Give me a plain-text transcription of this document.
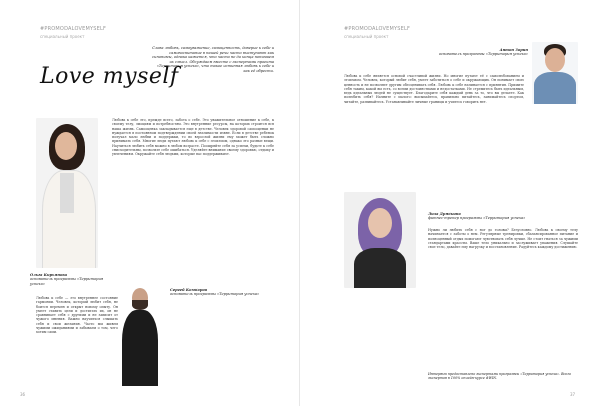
#PROMODALOVEMYSELF
специальный проект
Love myself
Слова любовь, самоуважение, самоценность, доверие к себе и самовоспитание в нашей речи часто выступают как синонимы, однако кажется, что часто не до конца понимаем их смысл. Обсуждаем вместе с экспертами проекта «Территория успеха», что такое истинная любовь к себе и как её обрести.

Любовь к себе это, прежде всего, забота о себе. Это уважительное отношение к себе, к своему телу, эмоциям и потребностям. Это внутренние ресурсы, на которых строится вся наша жизнь. Самооценка закладывается еще в детстве. Человек здоровой самооценки не нуждается в постоянном подтверждении своей значимости извне. Если в детстве ребенок получал мало любви и поддержки, то во взрослой жизни ему может быть сложно принимать себя. Многие люди путают любовь к себе с эгоизмом, однако это разные вещи. Научиться любить себя можно в любом возрасте. Поощряйте себя за успехи, будьте к себе снисходительны, позвольте себе ошибаться. Уделяйте внимание своему здоровью, отдыху и увлечениям. Окружайте себя людьми, которые вас поддерживают.

Ольга Кирьянова
основатель программы «Территория успеха»
Сергей Комбаров
основатель программы «Территория успеха»

Любовь к себе — это внутреннее состояние гармонии. Человек, который любит себя, не боится перемен и открыт новому опыту. Он умеет ставить цели и достигать их, он не сравнивает себя с другими и не зависит от чужого мнения. Важно научиться слышать себя и свои желания. Часто мы живем чужими ожиданиями и забываем о том, чего хотим сами.

36
#PROMODALOVEMYSELF
специальный проект
Антон Зорин
основатель программы «Территория успеха»

Любовь к себе является основой счастливой жизни. Но многие путают её с самолюбованием и эгоизмом. Человек, который любит себя, умеет заботиться о себе и окружающих. Он понимает свою ценность и не позволяет другим обесценивать себя. Любовь к себе начинается с принятия. Примите себя таким, какой вы есть, со всеми достоинствами и недостатками. Не стремитесь быть идеальным, ведь идеальных людей не существует. Благодарите себя каждый день за то, что вы делаете. Как полюбить себя? Начните с малого: высыпайтесь, правильно питайтесь, занимайтесь спортом, читайте, развивайтесь. Устанавливайте личные границы и учитесь говорить нет.

Лиза Дрябкина
фитнес-тренер программы «Территория успеха»

Нужно ли любить себя с ног до головы? Безусловно. Любовь к своему телу начинается с заботы о нем. Регулярные тренировки, сбалансированное питание и полноценный отдых помогают чувствовать себя лучше. Не стоит гнаться за чужими стандартами красоты. Ваше тело уникально и заслуживает уважения. Слушайте свое тело, давайте ему нагрузку и восстановление. Радуйтесь каждому достижению.

Интервью предоставлено экспертами программы «Территория успеха». Всего экспертов в 100% онлайн-курсе #WIN.
37
